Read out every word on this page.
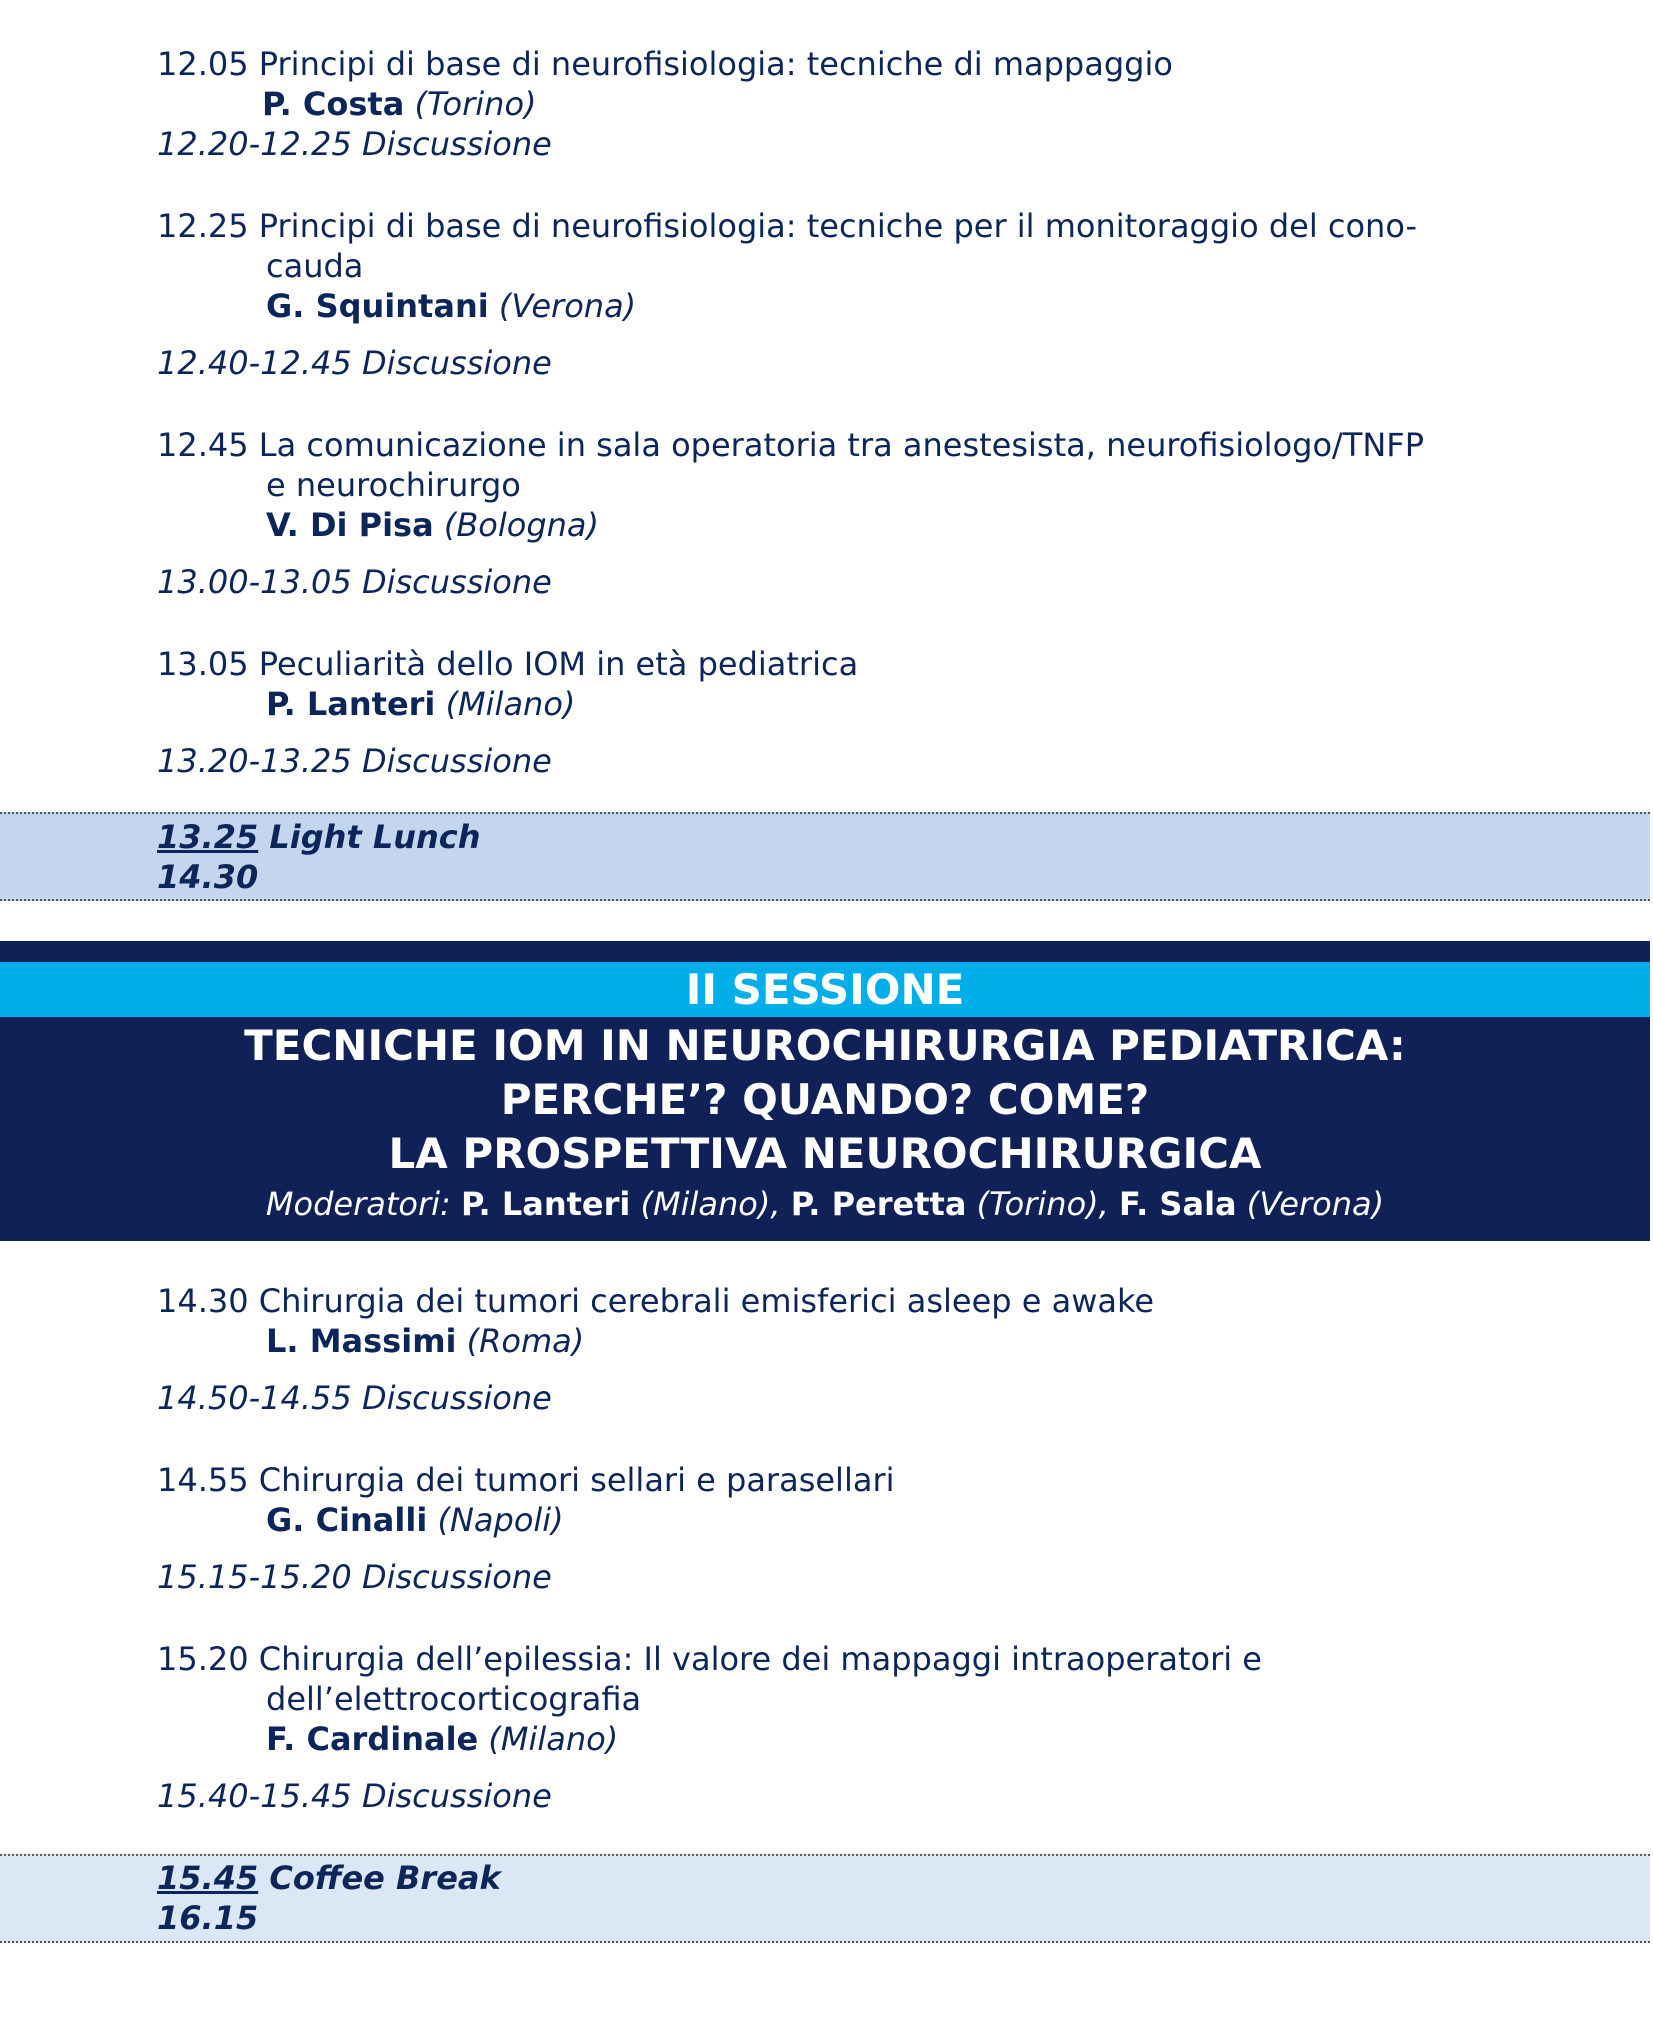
12.05 Principi di base di neurofisiologia: tecniche di mappaggio
P. Costa (Torino)
12.20-12.25 Discussione
12.25 Principi di base di neurofisiologia: tecniche per il monitoraggio del cono-
cauda
G. Squintani (Verona)
12.40-12.45 Discussione
12.45 La comunicazione in sala operatoria tra anestesista, neurofisiologo/TNFP
e neurochirurgo
V. Di Pisa (Bologna)
13.00-13.05 Discussione
13.05 Peculiarità dello IOM in età pediatrica
P. Lanteri (Milano)
13.20-13.25 Discussione
13.25 Light Lunch
14.30
II SESSIONE
TECNICHE IOM IN NEUROCHIRURGIA PEDIATRICA:
PERCHE’? QUANDO? COME?
LA PROSPETTIVA NEUROCHIRURGICA
Moderatori: P. Lanteri (Milano), P. Peretta (Torino), F. Sala (Verona)
14.30 Chirurgia dei tumori cerebrali emisferici asleep e awake
L. Massimi (Roma)
14.50-14.55 Discussione
14.55 Chirurgia dei tumori sellari e parasellari
G. Cinalli (Napoli)
15.15-15.20 Discussione
15.20 Chirurgia dell’epilessia: Il valore dei mappaggi intraoperatori e
dell’elettrocorticografia
F. Cardinale (Milano)
15.40-15.45 Discussione
15.45 Coffee Break
16.15
